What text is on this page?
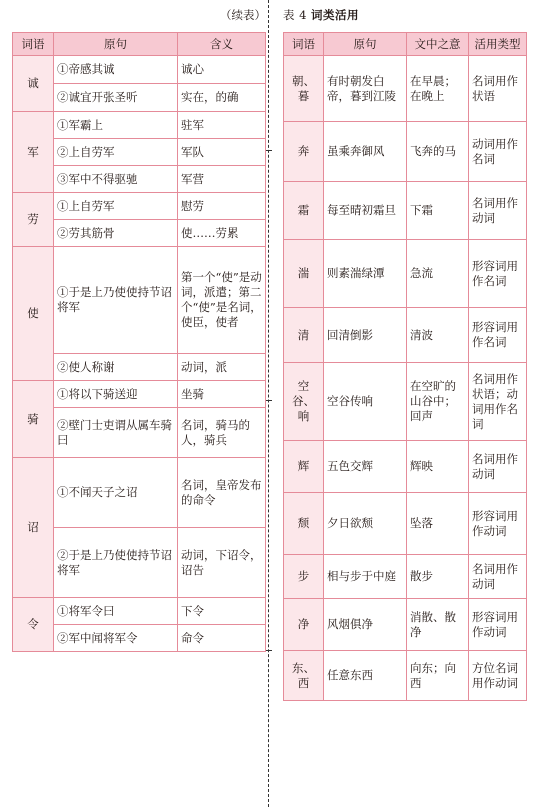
（续表） 表 4 词类活用
词语	原句	含义
诚	①帝感其诚	诚心
	②诚宜开张圣听	实在，的确
军	①军霸上	驻军
	②上自劳军	军队
	③军中不得驱驰	军营
劳	①上自劳军	慰劳
	②劳其筋骨	使……劳累
使	①于是上乃使使持节诏将军	第一个“使”是动词，派遣；第二个“使”是名词，使臣，使者
	②使人称谢	动词，派
骑	①将以下骑送迎	坐骑
	②壁门士吏谓从属车骑曰	名词，骑马的人，骑兵
诏	①不闻天子之诏	名词，皇帝发布的命令
	②于是上乃使使持节诏将军	动词，下诏令，诏告
令	①将军令曰	下令
	②军中闻将军令	命令
词语	原句	文中之意	活用类型
朝、暮	有时朝发白帝，暮到江陵	在早晨；在晚上	名词用作状语
奔	虽乘奔御风	飞奔的马	动词用作名词
霜	每至晴初霜旦	下霜	名词用作动词
湍	则素湍绿潭	急流	形容词用作名词
清	回清倒影	清波	形容词用作名词
空谷、响	空谷传响	在空旷的山谷中；回声	名词用作状语；动词用作名词
辉	五色交辉	辉映	名词用作动词
颓	夕日欲颓	坠落	形容词用作动词
步	相与步于中庭	散步	名词用作动词
净	风烟俱净	消散、散净	形容词用作动词
东、西	任意东西	向东；向西	方位名词用作动词
